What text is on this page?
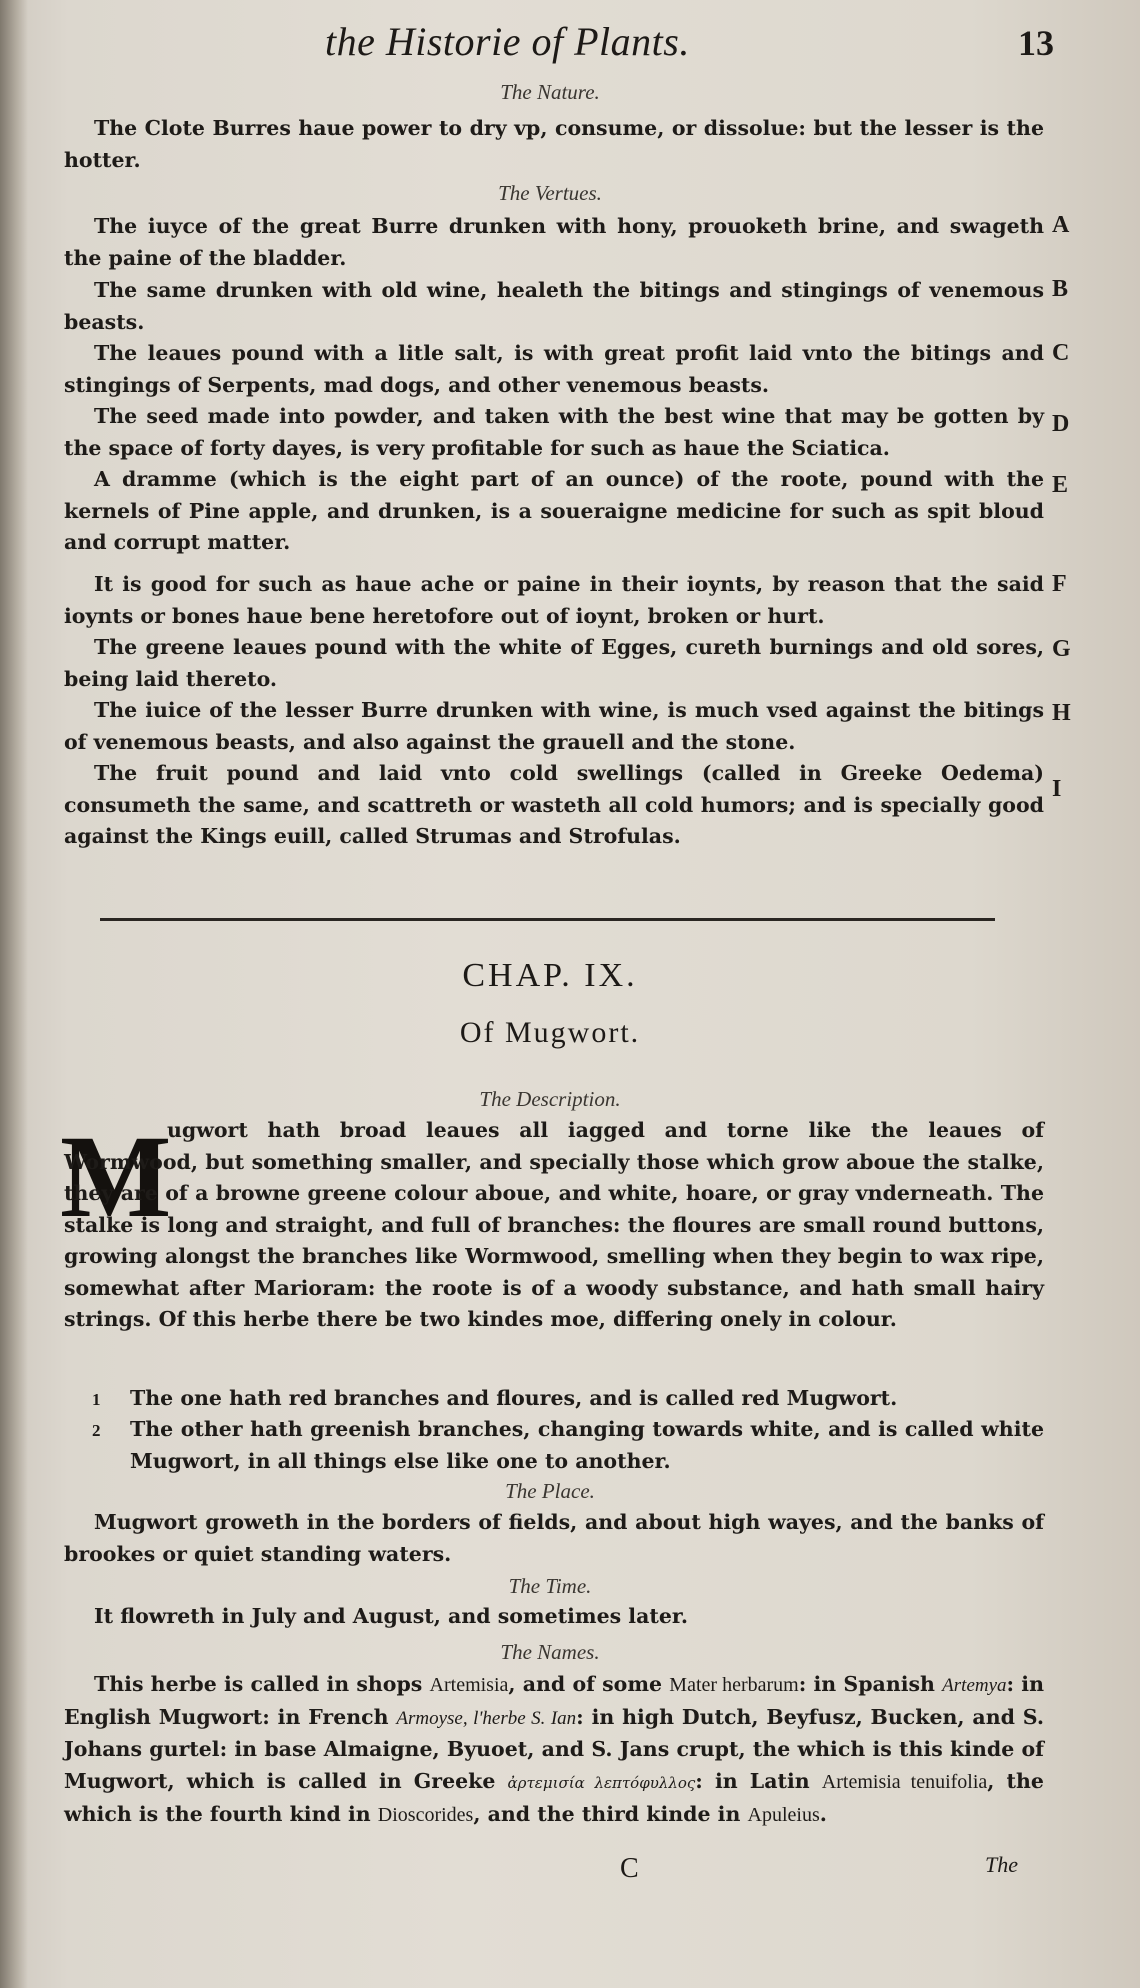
the Historie of Plants.	13
The Nature.

The Clote Burres haue power to dry vp, consume, or dissolue: but the lesser is the hotter.

The Vertues.

The iuyce of the great Burre drunken with hony, prouoketh brine, and swageth the paine of the bladder.

A

The same drunken with old wine, healeth the bitings and stingings of venemous beasts.

B

The leaues pound with a litle salt, is with great profit laid vnto the bitings and stingings of Serpents, mad dogs, and other venemous beasts.

C

The seed made into powder, and taken with the best wine that may be gotten by the space of forty dayes, is very profitable for such as haue the Sciatica.

D

A dramme (which is the eight part of an ounce) of the roote, pound with the kernels of Pine apple, and drunken, is a soueraigne medicine for such as spit bloud and corrupt matter.

E

It is good for such as haue ache or paine in their ioynts, by reason that the said ioynts or bones haue bene heretofore out of ioynt, broken or hurt.

F

The greene leaues pound with the white of Egges, cureth burnings and old sores, being laid thereto.

G

The iuice of the lesser Burre drunken with wine, is much vsed against the bitings of venemous beasts, and also against the grauell and the stone.

H

The fruit pound and laid vnto cold swellings (called in Greeke Oedema) consumeth the same, and scattreth or wasteth all cold humors; and is specially good against the Kings euill, called Strumas and Strofulas.

I
CHAP. IX.
Of Mugwort.
The Description.
M

ugwort hath broad leaues all iagged and torne like the leaues of Wormwood, but something smaller, and specially those which grow aboue the stalke, they are of a browne greene colour aboue, and white, hoare, or gray vnderneath. The stalke is long and straight, and full of branches: the floures are small round buttons, growing alongst the branches like Wormwood, smelling when they begin to wax ripe, somewhat after Marioram: the roote is of a woody substance, and hath small hairy strings. Of this herbe there be two kindes moe, differing onely in colour.

1 The one hath red branches and floures, and is called red Mugwort.

2 The other hath greenish branches, changing towards white, and is called white Mugwort, in all things else like one to another.

The Place.

Mugwort groweth in the borders of fields, and about high wayes, and the banks of brookes or quiet standing waters.

The Time.

It flowreth in July and August, and sometimes later.

The Names.

This herbe is called in shops Artemisia, and of some Mater herbarum: in Spanish Artemya: in English Mugwort: in French Armoyse, l'herbe S. Ian: in high Dutch, Beyfusz, Bucken, and S. Johans gurtel: in base Almaigne, Byuoet, and S. Jans crupt, the which is this kinde of Mugwort, which is called in Greeke ἀρτεμισία λεπτόφυλλος: in Latin Artemisia tenuifolia, the which is the fourth kind in Dioscorides, and the third kinde in Apuleius.

C	The
